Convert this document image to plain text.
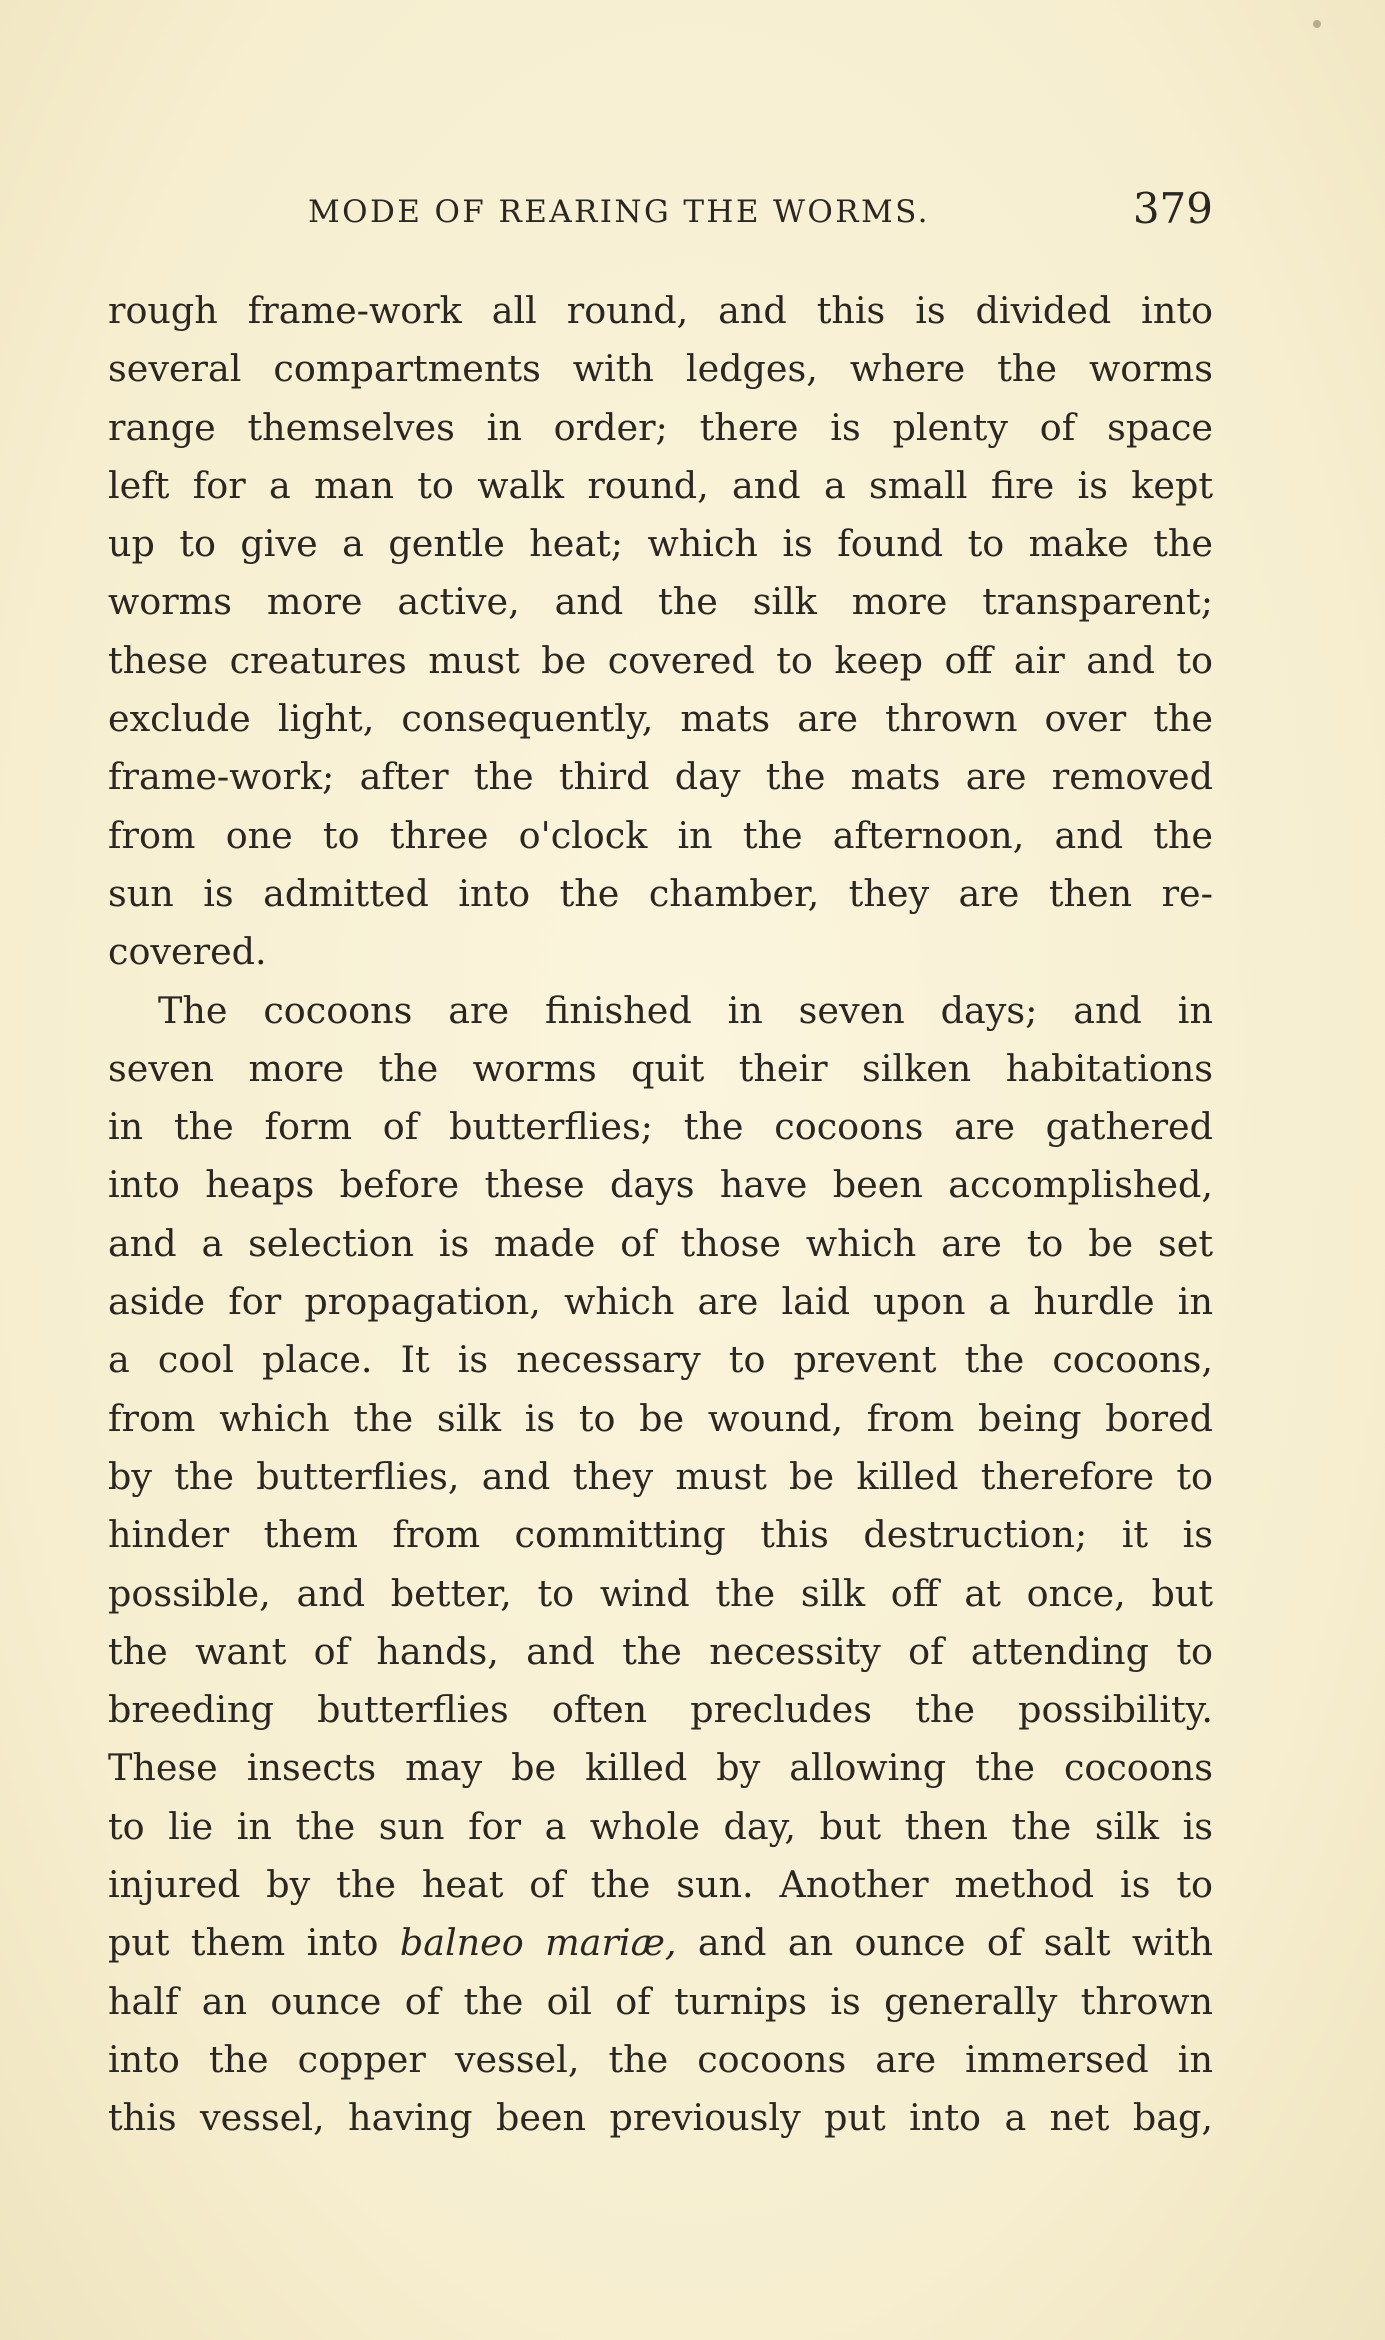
MODE OF REARING THE WORMS.	379
rough frame-work all round, and this is divided into
several compartments with ledges, where the worms
range themselves in order; there is plenty of space
left for a man to walk round, and a small fire is kept
up to give a gentle heat; which is found to make the
worms more active, and the silk more transparent;
these creatures must be covered to keep off air and to
exclude light, consequently, mats are thrown over the
frame-work; after the third day the mats are removed
from one to three o'clock in the afternoon, and the
sun is admitted into the chamber, they are then re-
covered.
The cocoons are finished in seven days; and in
seven more the worms quit their silken habitations
in the form of butterflies; the cocoons are gathered
into heaps before these days have been accomplished,
and a selection is made of those which are to be set
aside for propagation, which are laid upon a hurdle in
a cool place. It is necessary to prevent the cocoons,
from which the silk is to be wound, from being bored
by the butterflies, and they must be killed therefore to
hinder them from committing this destruction; it is
possible, and better, to wind the silk off at once, but
the want of hands, and the necessity of attending to
breeding butterflies often precludes the possibility.
These insects may be killed by allowing the cocoons
to lie in the sun for a whole day, but then the silk is
injured by the heat of the sun. Another method is to
put them into balneo mariæ, and an ounce of salt with
half an ounce of the oil of turnips is generally thrown
into the copper vessel, the cocoons are immersed in
this vessel, having been previously put into a net bag,
